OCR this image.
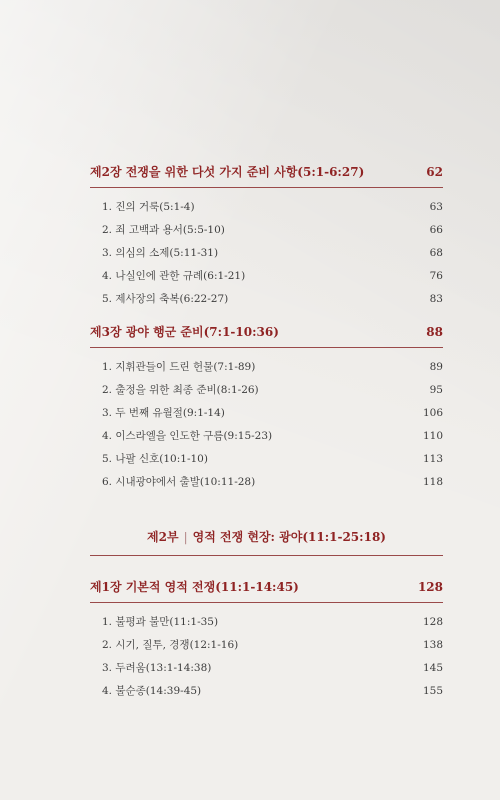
제2장 전쟁을 위한 다섯 가지 준비 사항(5:1-6:27)	62
1. 진의 거룩(5:1-4)	63
2. 죄 고백과 용서(5:5-10)	66
3. 의심의 소제(5:11-31)	68
4. 나실인에 관한 규례(6:1-21)	76
5. 제사장의 축복(6:22-27)	83
제3장 광야 행군 준비(7:1-10:36)	88
1. 지휘관들이 드린 헌물(7:1-89)	89
2. 출정을 위한 최종 준비(8:1-26)	95
3. 두 번째 유월절(9:1-14)	106
4. 이스라엘을 인도한 구름(9:15-23)	110
5. 나팔 신호(10:1-10)	113
6. 시내광야에서 출발(10:11-28)	118
제2부 | 영적 전쟁 현장: 광야(11:1-25:18)
제1장 기본적 영적 전쟁(11:1-14:45)	128
1. 불평과 불만(11:1-35)	128
2. 시기, 질투, 경쟁(12:1-16)	138
3. 두려움(13:1-14:38)	145
4. 불순종(14:39-45)	155
